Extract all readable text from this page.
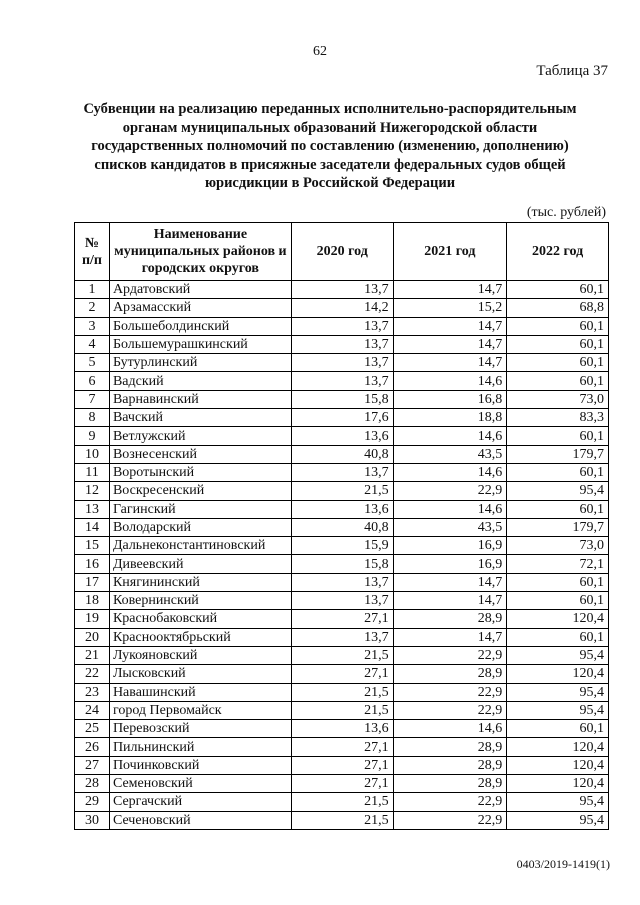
62
Таблица 37
Субвенции на реализацию переданных исполнительно-распорядительным органам муниципальных образований Нижегородской области государственных полномочий по составлению (изменению, дополнению) списков кандидатов в присяжные заседатели федеральных судов общей юрисдикции в Российской Федерации
(тыс. рублей)
№ п/п	Наименование муниципальных районов и городских округов	2020 год	2021 год	2022 год
1	Ардатовский	13,7	14,7	60,1
2	Арзамасский	14,2	15,2	68,8
3	Большеболдинский	13,7	14,7	60,1
4	Большемурашкинский	13,7	14,7	60,1
5	Бутурлинский	13,7	14,7	60,1
6	Вадский	13,7	14,6	60,1
7	Варнавинский	15,8	16,8	73,0
8	Вачский	17,6	18,8	83,3
9	Ветлужский	13,6	14,6	60,1
10	Вознесенский	40,8	43,5	179,7
11	Воротынский	13,7	14,6	60,1
12	Воскресенский	21,5	22,9	95,4
13	Гагинский	13,6	14,6	60,1
14	Володарский	40,8	43,5	179,7
15	Дальнеконстантиновский	15,9	16,9	73,0
16	Дивеевский	15,8	16,9	72,1
17	Княгининский	13,7	14,7	60,1
18	Ковернинский	13,7	14,7	60,1
19	Краснобаковский	27,1	28,9	120,4
20	Краснооктябрьский	13,7	14,7	60,1
21	Лукояновский	21,5	22,9	95,4
22	Лысковский	27,1	28,9	120,4
23	Навашинский	21,5	22,9	95,4
24	город Первомайск	21,5	22,9	95,4
25	Перевозский	13,6	14,6	60,1
26	Пильнинский	27,1	28,9	120,4
27	Починковский	27,1	28,9	120,4
28	Семеновский	27,1	28,9	120,4
29	Сергачский	21,5	22,9	95,4
30	Сеченовский	21,5	22,9	95,4
0403/2019-1419(1)
